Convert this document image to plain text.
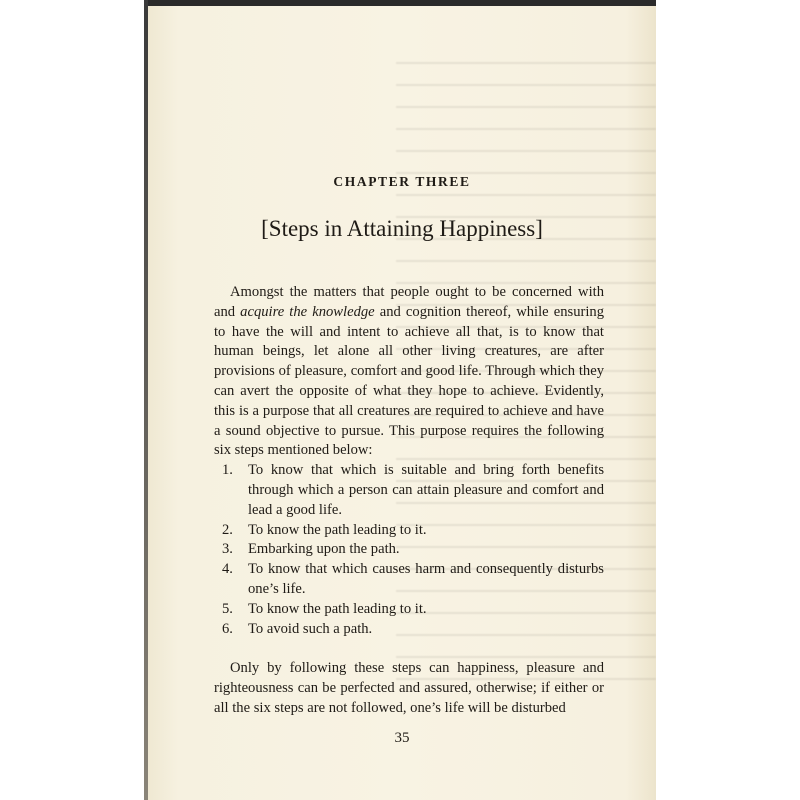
CHAPTER THREE
[Steps in Attaining Happiness]

Amongst the matters that people ought to be concerned with and acquire the knowledge and cognition thereof, while ensuring to have the will and intent to achieve all that, is to know that human beings, let alone all other living creatures, are after provisions of pleasure, comfort and good life. Through which they can avert the opposite of what they hope to achieve. Evidently, this is a purpose that all creatures are required to achieve and have a sound objective to pursue. This purpose requires the following six steps mentioned below:

1. To know that which is suitable and bring forth benefits through which a person can attain pleasure and comfort and lead a good life.
2. To know the path leading to it.
3. Embarking upon the path.
4. To know that which causes harm and consequently disturbs one’s life.
5. To know the path leading to it.
6. To avoid such a path.

Only by following these steps can happiness, pleasure and righteousness can be perfected and assured, otherwise; if either or all the six steps are not followed, one’s life will be disturbed

35
